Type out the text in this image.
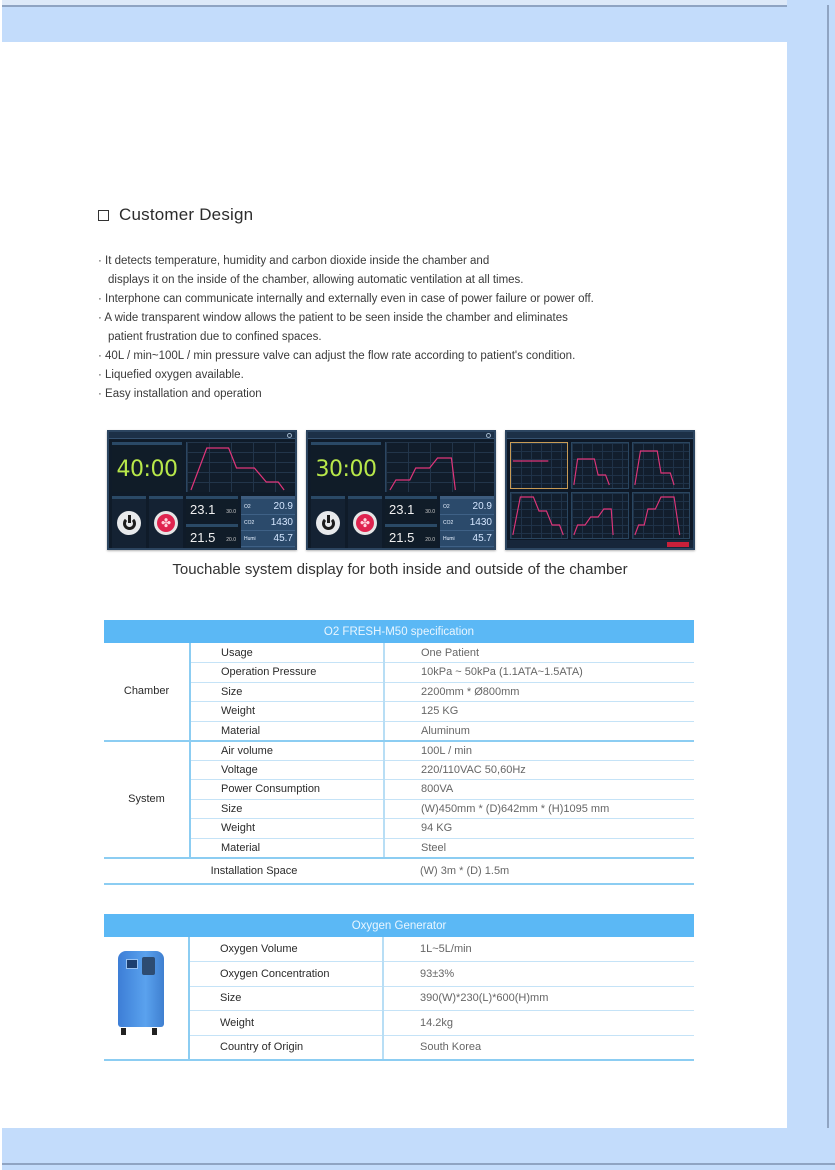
Customer Design
· It detects temperature, humidity and carbon dioxide inside the chamber and
displays it on the inside of the chamber, allowing automatic ventilation at all times.
· Interphone can communicate internally and externally even in case of power failure or power off.
· A wide transparent window allows the patient to be seen inside the chamber and eliminates
patient frustration due to confined spaces.
· 40L / min~100L / min pressure valve can adjust the flow rate according to patient's condition.
· Liquefied oxygen available.
· Easy installation and operation
40:00
✤
23.1 30.0
21.5 20.0
O2 20.9
CO2 1430
Humi 45.7
30:00
✤
23.1 30.0
21.5 20.0
O2 20.9
CO2 1430
Humi 45.7
Touchable system display for both inside and outside of the chamber
O2 FRESH-M50 specification		
Chamber	Usage	One Patient
	Operation Pressure	10kPa ~ 50kPa (1.1ATA~1.5ATA)
	Size	2200mm * Ø800mm
	Weight	125 KG
	Material	Aluminum
System	Air volume	100L / min
	Voltage	220/110VAC 50,60Hz
	Power Consumption	800VA
	Size	(W)450mm * (D)642mm * (H)1095 mm
	Weight	94 KG
	Material	Steel
Installation Space		(W) 3m * (D) 1.5m
Oxygen Generator		

	Oxygen Volume	1L~5L/min
	Oxygen Concentration	93±3%
	Size	390(W)*230(L)*600(H)mm
	Weight	14.2kg
	Country of Origin	South Korea
